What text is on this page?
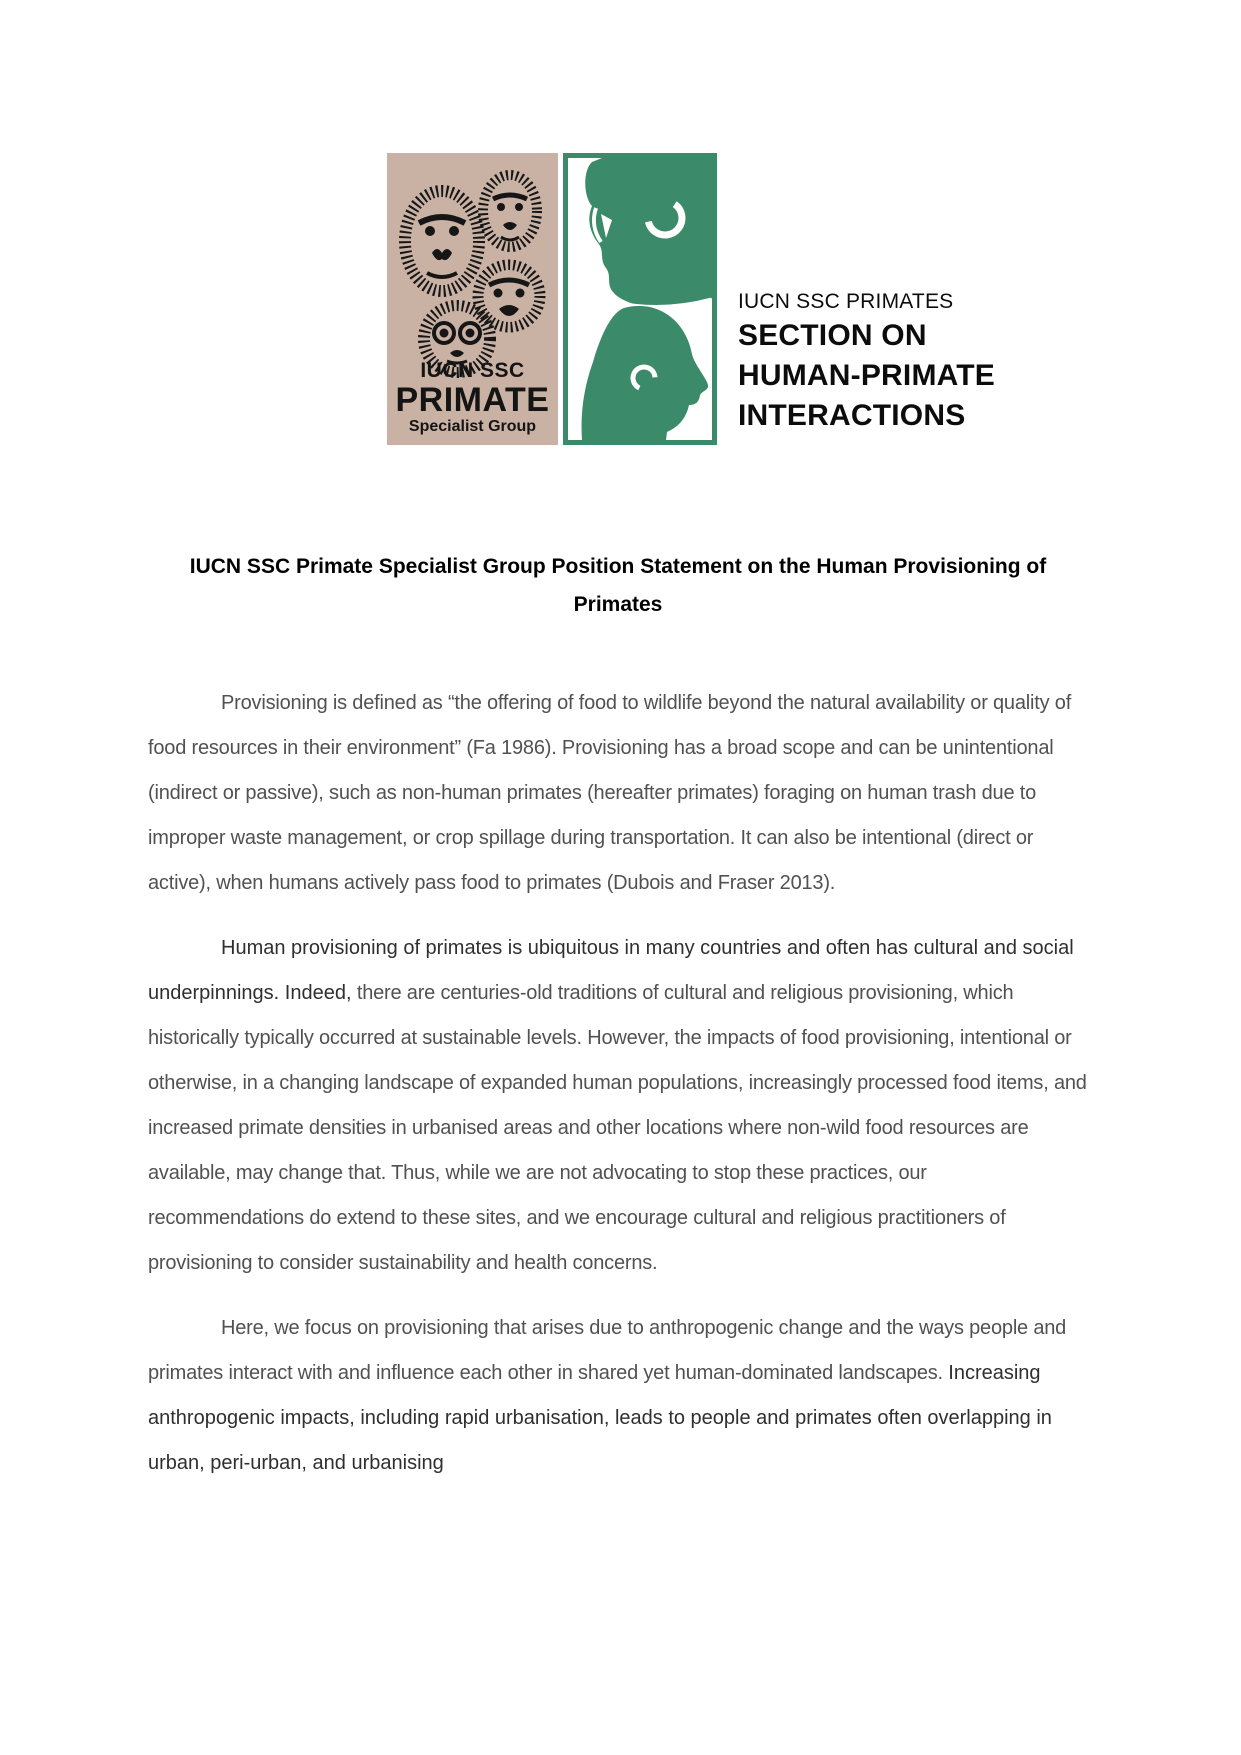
IUCN SSC
PRIMATE
Specialist Group
IUCN SSC PRIMATES
SECTION ON
HUMAN-PRIMATE
INTERACTIONS
IUCN SSC Primate Specialist Group Position Statement on the Human Provisioning of
Primates

Provisioning is defined as “the offering of food to wildlife beyond the natural availability or quality of food resources in their environment” (Fa 1986). Provisioning has a broad scope and can be unintentional (indirect or passive), such as non-human primates (hereafter primates) foraging on human trash due to improper waste management, or crop spillage during transportation. It can also be intentional (direct or active), when humans actively pass food to primates (Dubois and Fraser 2013).

Human provisioning of primates is ubiquitous in many countries and often has cultural and social underpinnings. Indeed, there are centuries-old traditions of cultural and religious provisioning, which historically typically occurred at sustainable levels. However, the impacts of food provisioning, intentional or otherwise, in a changing landscape of expanded human populations, increasingly processed food items, and increased primate densities in urbanised areas and other locations where non-wild food resources are available, may change that. Thus, while we are not advocating to stop these practices, our recommendations do extend to these sites, and we encourage cultural and religious practitioners of provisioning to consider sustainability and health concerns.

Here, we focus on provisioning that arises due to anthropogenic change and the ways people and primates interact with and influence each other in shared yet human-dominated landscapes. Increasing anthropogenic impacts, including rapid urbanisation, leads to people and primates often overlapping in urban, peri-urban, and urbanising
